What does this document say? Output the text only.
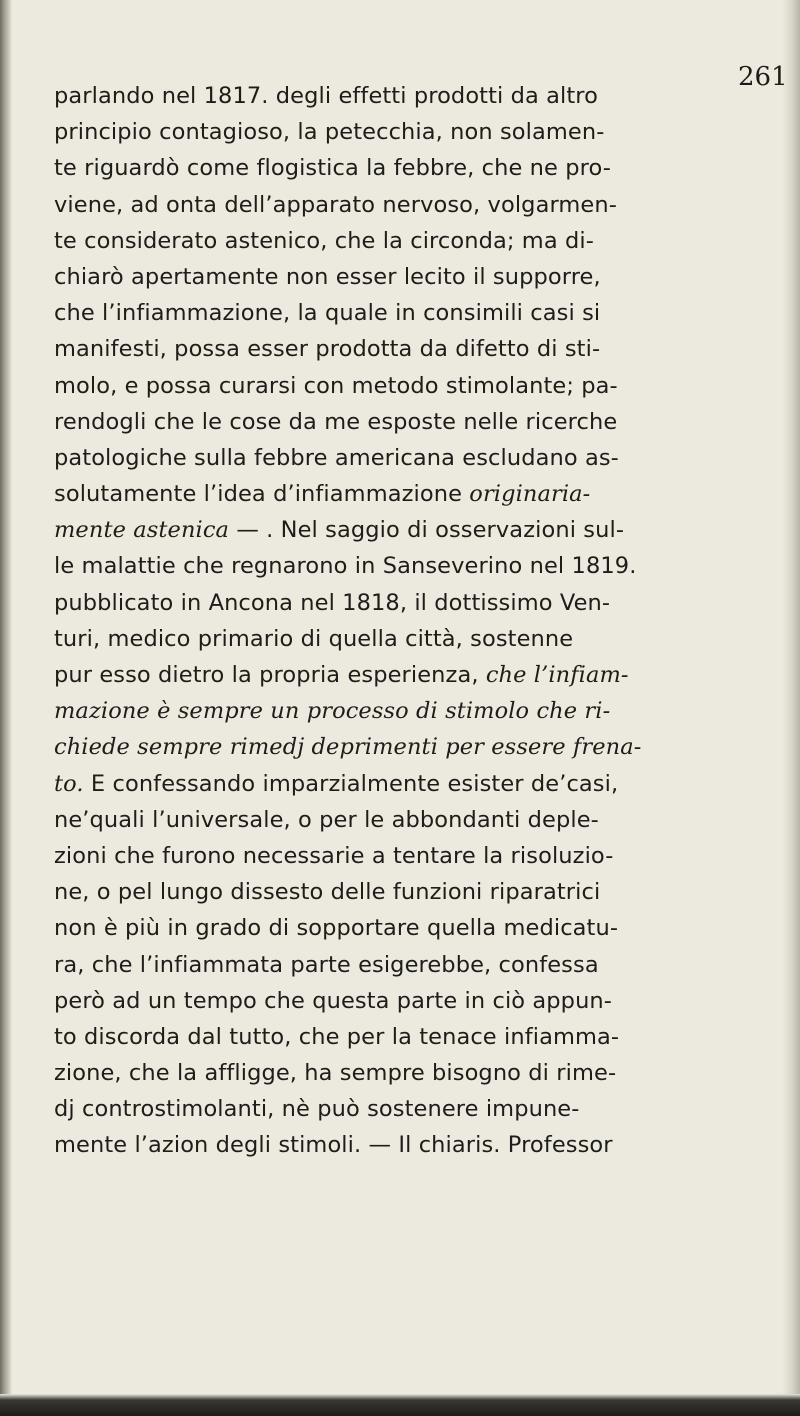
261
parlando nel 1817. degli effetti prodotti da altro
principio contagioso, la petecchia, non solamen-
te riguardò come flogistica la febbre, che ne pro-
viene, ad onta dell’apparato nervoso, volgarmen-
te considerato astenico, che la circonda; ma di-
chiarò apertamente non esser lecito il supporre,
che l’infiammazione, la quale in consimili casi si
manifesti, possa esser prodotta da difetto di sti-
molo, e possa curarsi con metodo stimolante; pa-
rendogli che le cose da me esposte nelle ricerche
patologiche sulla febbre americana escludano as-
solutamente l’idea d’infiammazione originaria-
mente astenica — . Nel saggio di osservazioni sul-
le malattie che regnarono in Sanseverino nel 1819.
pubblicato in Ancona nel 1818, il dottissimo Ven-
turi, medico primario di quella città, sostenne
pur esso dietro la propria esperienza, che l’infiam-
mazione è sempre un processo di stimolo che ri-
chiede sempre rimedj deprimenti per essere frena-
to. E confessando imparzialmente esister de’casi,
ne’quali l’universale, o per le abbondanti deple-
zioni che furono necessarie a tentare la risoluzio-
ne, o pel lungo dissesto delle funzioni riparatrici
non è più in grado di sopportare quella medicatu-
ra, che l’infiammata parte esigerebbe, confessa
però ad un tempo che questa parte in ciò appun-
to discorda dal tutto, che per la tenace infiamma-
zione, che la affligge, ha sempre bisogno di rime-
dj controstimolanti, nè può sostenere impune-
mente l’azion degli stimoli. — Il chiaris. Professor
